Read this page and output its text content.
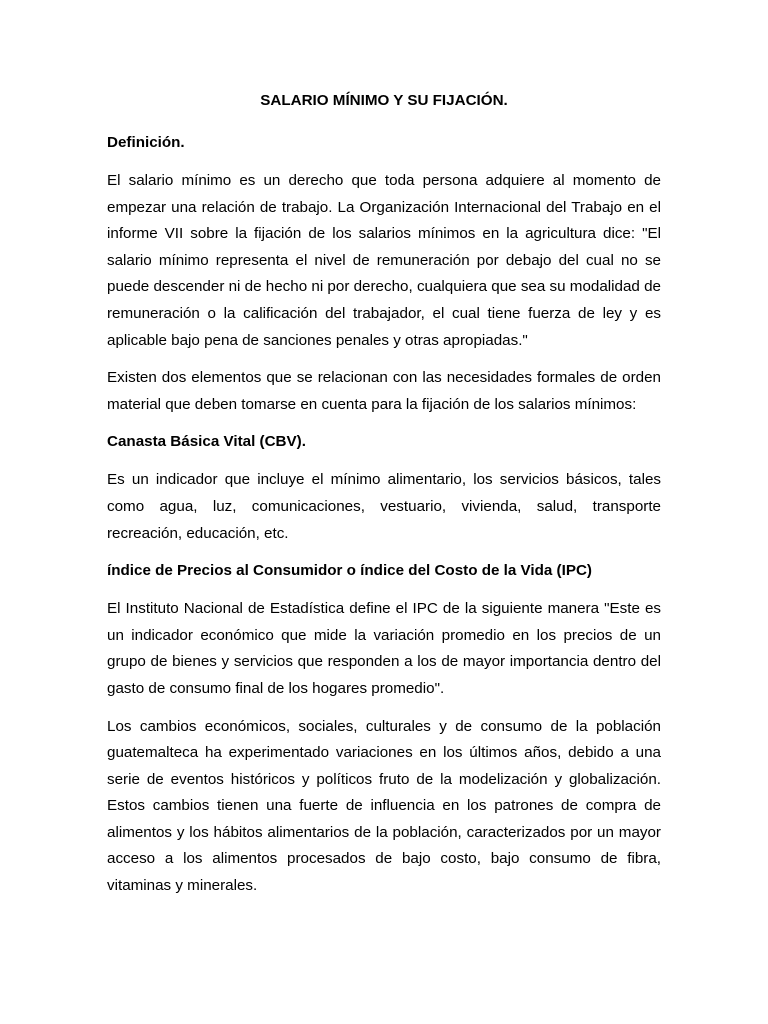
SALARIO MÍNIMO Y SU FIJACIÓN.

Definición.

El salario mínimo es un derecho que toda persona adquiere al momento de empezar una relación de trabajo. La Organización Internacional del Trabajo en el informe VII sobre la fijación de los salarios mínimos en la agricultura dice: "El salario mínimo representa el nivel de remuneración por debajo del cual no se puede descender ni de hecho ni por derecho, cualquiera que sea su modalidad de remuneración o la calificación del trabajador, el cual tiene fuerza de ley y es aplicable bajo pena de sanciones penales y otras apropiadas."

Existen dos elementos que se relacionan con las necesidades formales de orden material que deben tomarse en cuenta para la fijación de los salarios mínimos:

Canasta Básica Vital (CBV).

Es un indicador que incluye el mínimo alimentario, los servicios básicos, tales como agua, luz, comunicaciones, vestuario, vivienda, salud, transporte recreación, educación, etc.

índice de Precios al Consumidor o índice del Costo de la Vida (IPC)

El Instituto Nacional de Estadística define el IPC de la siguiente manera "Este es un indicador económico que mide la variación promedio en los precios de un grupo de bienes y servicios que responden a los de mayor importancia dentro del gasto de consumo final de los hogares promedio".

Los cambios económicos, sociales, culturales y de consumo de la población guatemalteca ha experimentado variaciones en los últimos años, debido a una serie de eventos históricos y políticos fruto de la modelización y globalización. Estos cambios tienen una fuerte de influencia en los patrones de compra de alimentos y los hábitos alimentarios de la población, caracterizados por un mayor acceso a los alimentos procesados de bajo costo, bajo consumo de fibra, vitaminas y minerales.
